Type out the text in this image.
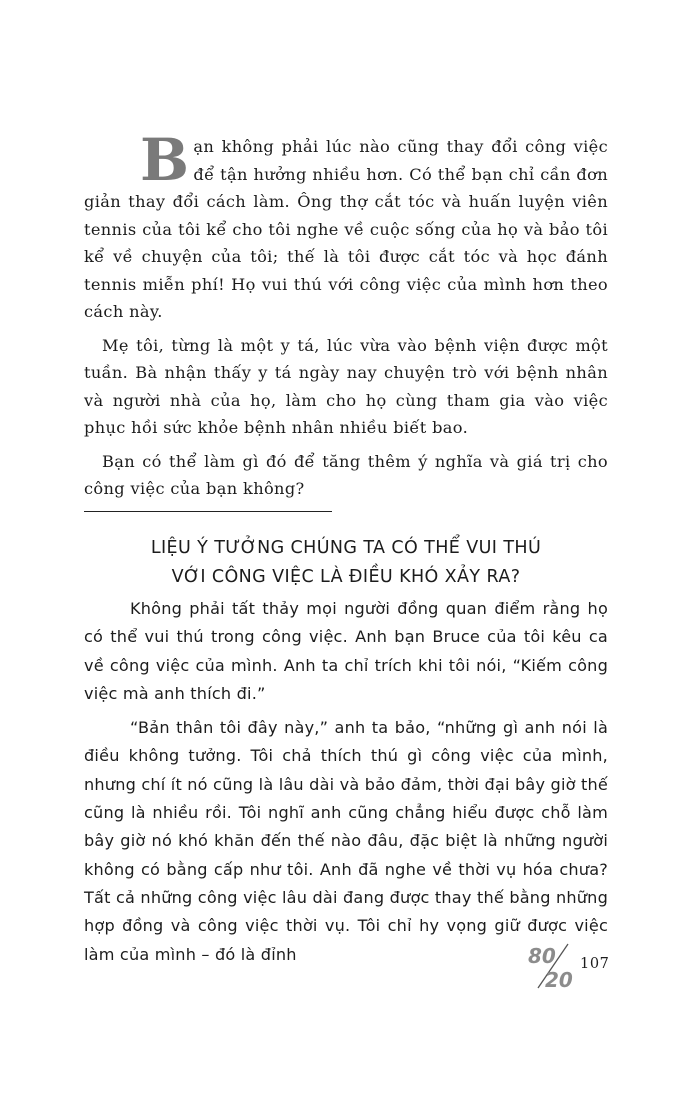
Bạn không phải lúc nào cũng thay đổi công việc để tận hưởng nhiều hơn. Có thể bạn chỉ cần đơn giản thay đổi cách làm. Ông thợ cắt tóc và huấn luyện viên tennis của tôi kể cho tôi nghe về cuộc sống của họ và bảo tôi kể về chuyện của tôi; thế là tôi được cắt tóc và học đánh tennis miễn phí! Họ vui thú với công việc của mình hơn theo cách này.

Mẹ tôi, từng là một y tá, lúc vừa vào bệnh viện được một tuần. Bà nhận thấy y tá ngày nay chuyện trò với bệnh nhân và người nhà của họ, làm cho họ cùng tham gia vào việc phục hồi sức khỏe bệnh nhân nhiều biết bao.

Bạn có thể làm gì đó để tăng thêm ý nghĩa và giá trị cho công việc của bạn không?

LIỆU Ý TƯỞNG CHÚNG TA CÓ THỂ VUI THÚ
VỚI CÔNG VIỆC LÀ ĐIỀU KHÓ XẢY RA?

Không phải tất thảy mọi người đồng quan điểm rằng họ có thể vui thú trong công việc. Anh bạn Bruce của tôi kêu ca về công việc của mình. Anh ta chỉ trích khi tôi nói, “Kiếm công việc mà anh thích đi.”

“Bản thân tôi đây này,” anh ta bảo, “những gì anh nói là điều không tưởng. Tôi chả thích thú gì công việc của mình, nhưng chí ít nó cũng là lâu dài và bảo đảm, thời đại bây giờ thế cũng là nhiều rồi. Tôi nghĩ anh cũng chẳng hiểu được chỗ làm bây giờ nó khó khăn đến thế nào đâu, đặc biệt là những người không có bằng cấp như tôi. Anh đã nghe về thời vụ hóa chưa? Tất cả những công việc lâu dài đang được thay thế bằng những hợp đồng và công việc thời vụ. Tôi chỉ hy vọng giữ được việc làm của mình – đó là đỉnh	80
20
107
